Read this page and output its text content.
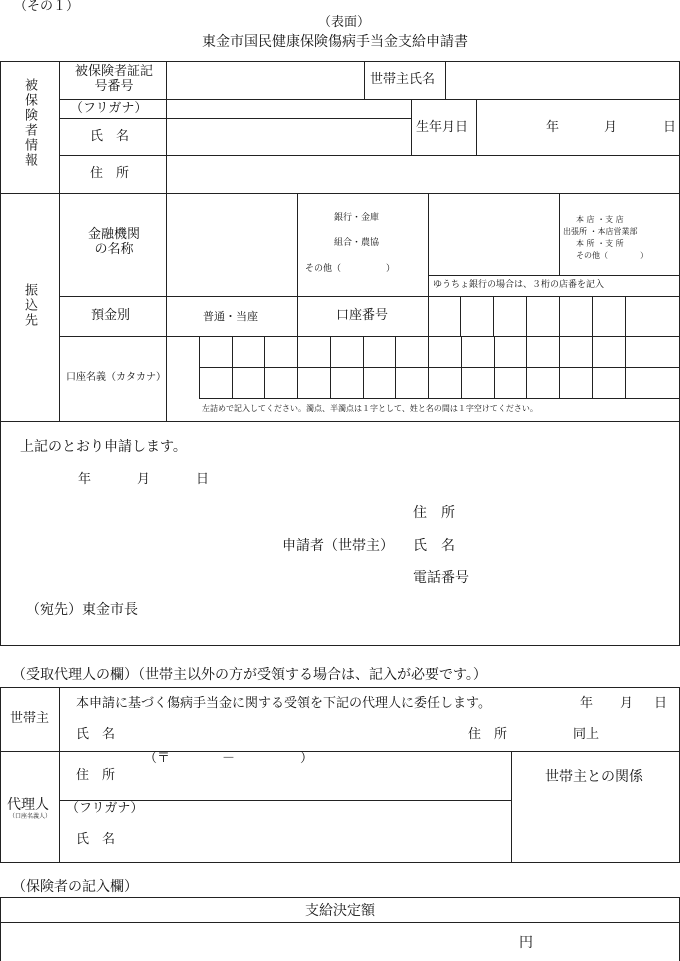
（その１）
（表面）
東金市国民健康保険傷病手当金支給申請書
被保険者情報
被保険者証記号番号	世帯主氏名
（フリガナ）
氏　名
生年月日	年	月	日
住　所
振込先
金融機関の名称
銀行・金庫
組合・農協
その他（　　　　　）
本 店 ・支 店
出張所 ・本店営業部
本 所 ・支 所
その他（　　　　）
ゆうちょ銀行の場合は、３桁の店番を記入
預金別	普通・当座	口座番号
口座名義（カタカナ）
左詰めで記入してください。濁点、半濁点は１字として、姓と名の間は１字空けてください。
上記のとおり申請します。
年	月	日
住　所
申請者（世帯主） 氏　名
電話番号
（宛先）東金市長
（受取代理人の欄）（世帯主以外の方が受領する場合は、記入が必要です。）
世帯主
本申請に基づく傷病手当金に関する受領を下記の代理人に委任します。	年 月 日
氏　名	住　所	同上
代理人
（口座名義人）
（〒　　　　－　　　　　）
住　所	世帯主との関係
（フリガナ）
氏　名
（保険者の記入欄）
支給決定額
円
